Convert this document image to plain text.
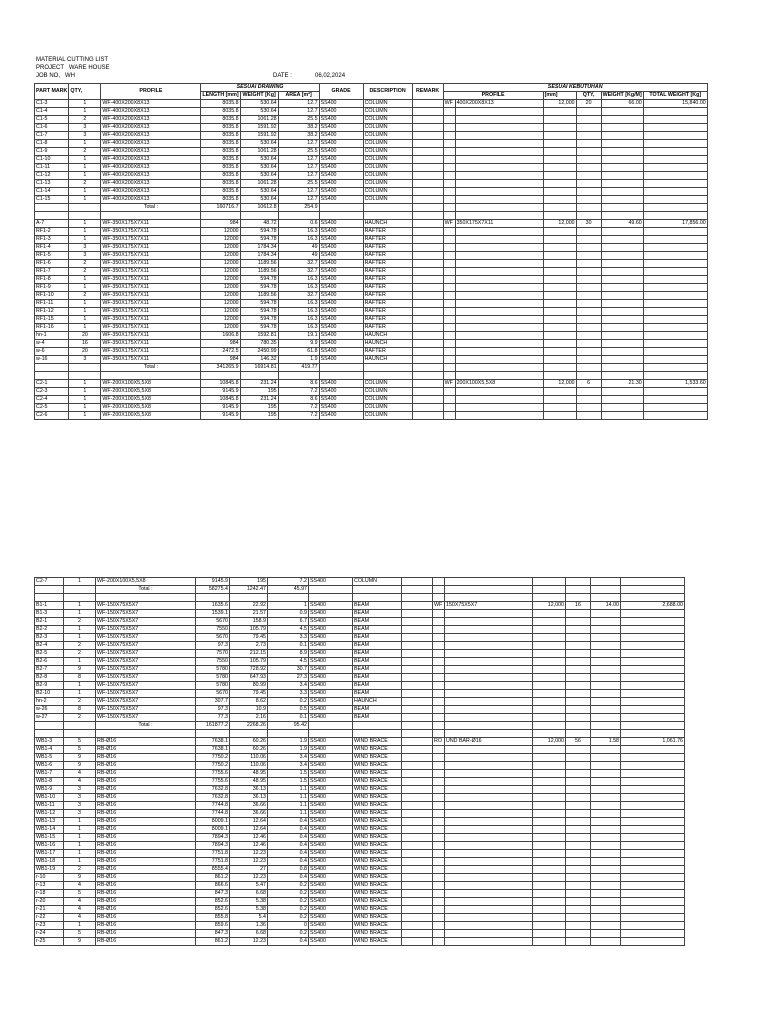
MATERIAL CUTTING LIST
PROJECT   WARE HOUSE
JOB NO,   WH	DATE :	06,02,2024
PART MARK	QTY,	PROFILE	SESUAI DRAWING			GRADE	DESCRIPTION	REMARK	SESUAI KEBUTUHAN					
			LENGTH [mm]	WEIGHT [Kg]	AREA [m²]				PROFILE		[mm]	QTY,	WEIGHT [Kg/M]	TOTAL WEIGHT [Kg]
C1-3	1	WF-400X200X8X13	8035.8	530.64	12.7	SS400	COLUMN		WF	400X200X8X13	12,000	20	66.00	15,840.00
C1-4	1	WF-400X200X8X13	8035.8	530.64	12.7	SS400	COLUMN							
C1-5	2	WF-400X200X8X13	8035.8	1061.28	25.5	SS400	COLUMN							
C1-6	3	WF-400X200X8X13	8035.8	1591.92	38.2	SS400	COLUMN							
C1-7	3	WF-400X200X8X13	8035.8	1591.92	38.2	SS400	COLUMN							
C1-8	1	WF-400X200X8X13	8035.8	530.64	12.7	SS400	COLUMN							
C1-9	2	WF-400X200X8X13	8035.8	1061.28	25.5	SS400	COLUMN							
C1-10	1	WF-400X200X8X13	8035.8	530.64	12.7	SS400	COLUMN							
C1-11	1	WF-400X200X8X13	8035.8	530.64	12.7	SS400	COLUMN							
C1-12	1	WF-400X200X8X13	8035.8	530.64	12.7	SS400	COLUMN							
C1-13	2	WF-400X200X8X13	8035.8	1061.28	25.5	SS400	COLUMN							
C1-14	1	WF-400X200X8X13	8035.8	530.64	12.7	SS400	COLUMN							
C1-15	1	WF-400X200X8X13	8035.8	530.64	12.7	SS400	COLUMN							
		Total :	160716.7	10612.8	254.9									

A-7	1	WF-350X175X7X11	984	48.72	0.6	SS400	HAUNCH		WF	350X175X7X11	12,000	30	49.60	17,856.00
RF1-2	1	WF-350X175X7X11	12000	594.78	16.3	SS400	RAFTER							
RF1-3	1	WF-350X175X7X11	12000	594.78	16.3	SS400	RAFTER							
RF1-4	3	WF-350X175X7X11	12000	1784.34	49	SS400	RAFTER							
RF1-5	3	WF-350X175X7X11	12000	1784.34	49	SS400	RAFTER							
RF1-6	2	WF-350X175X7X11	12000	1189.56	32.7	SS400	RAFTER							
RF1-7	2	WF-350X175X7X11	12000	1189.56	32.7	SS400	RAFTER							
RF1-8	1	WF-350X175X7X11	12000	594.78	16.3	SS400	RAFTER							
RF1-9	1	WF-350X175X7X11	12000	594.78	16.3	SS400	RAFTER							
RF1-10	2	WF-350X175X7X11	12000	1189.56	32.7	SS400	RAFTER							
RF1-11	1	WF-350X175X7X11	12000	594.78	16.3	SS400	RAFTER							
RF1-12	1	WF-350X175X7X11	12000	594.78	16.3	SS400	RAFTER							
RF1-15	1	WF-350X175X7X11	12000	594.78	16.3	SS400	RAFTER							
RF1-16	1	WF-350X175X7X11	12000	594.78	16.3	SS400	RAFTER							
hn-1	20	WF-350X175X7X11	1606.8	1592.81	19.1	SS400	HAUNCH							
w-4	16	WF-350X175X7X11	984	780.35	9.9	SS400	HAUNCH							
w-6	20	WF-350X175X7X11	2472.5	2450.99	61.8	SS400	RAFTER							
w-16	3	WF-350X175X7X11	984	146.32	1.9	SS400	HAUNCH							
		Total :	341265.9	16914.81	419.77									

C2-1	1	WF-200X100X5,5X8	10845.8	231.24	8.6	SS400	COLUMN		WF	200X100X5,5X8	12,000	6	21.30	1,533.60
C2-3	1	WF-200X100X5,5X8	9145.9	195	7.2	SS400	COLUMN							
C2-4	1	WF-200X100X5,5X8	10845.8	231.24	8.6	SS400	COLUMN							
C2-5	1	WF-200X100X5,5X8	9145.9	195	7.2	SS400	COLUMN							
C2-6	1	WF-200X100X5,5X8	9145.9	195	7.2	SS400	COLUMN							
C2-7	1	WF-200X100X5,5X8	9145.9	195	7.2	SS400	COLUMN							
		Total :	58275.4	1242.47	45.97									

B1-1	1	WF-150X75X5X7	1635.6	22.92	1	SS400	BEAM		WF	150X75X5X7	12,000	16	14.00	2,688.00
B1-3	1	WF-150X75X5X7	1539.1	21.57	0.9	SS400	BEAM							
B2-1	2	WF-150X75X5X7	5670	158.9	6.7	SS400	BEAM							
B2-2	1	WF-150X75X5X7	7550	105.79	4.5	SS400	BEAM							
B2-3	1	WF-150X75X5X7	5670	79.45	3.3	SS400	BEAM							
B2-4	2	WF-150X75X5X7	97.3	2.73	0.1	SS400	BEAM							
B2-5	2	WF-150X75X5X7	7570	212.15	8.9	SS400	BEAM							
B2-6	1	WF-150X75X5X7	7550	105.79	4.5	SS400	BEAM							
B2-7	9	WF-150X75X5X7	5780	728.92	30.7	SS400	BEAM							
B2-8	8	WF-150X75X5X7	5780	647.93	27.3	SS400	BEAM							
B2-9	1	WF-150X75X5X7	5780	80.99	3.4	SS400	BEAM							
B2-10	1	WF-150X75X5X7	5670	79.45	3.3	SS400	BEAM							
hn-2	2	WF-150X75X5X7	307.7	8.62	0.2	SS400	HAUNCH							
w-26	8	WF-150X75X5X7	97.3	10.9	0.5	SS400	BEAM							
w-27	2	WF-150X75X5X7	77.3	2.16	0.1	SS400	BEAM							
		Total :	161877.2	2268.26	95.42									

WB1-3	5	RB-Ø16	7638.1	60.26	1.9	SS400	WIND BRACE		RO	UND BAR-Ø16	12,000	56	1.58	1,061.76
WB1-4	5	RB-Ø16	7638.1	60.26	1.9	SS400	WIND BRACE							
WB1-5	9	RB-Ø16	7750.2	110.06	3.4	SS400	WIND BRACE							
WB1-6	9	RB-Ø16	7750.2	110.06	3.4	SS400	WIND BRACE							
WB1-7	4	RB-Ø16	7755.6	48.95	1.5	SS400	WIND BRACE							
WB1-8	4	RB-Ø16	7755.6	48.95	1.5	SS400	WIND BRACE							
WB1-9	3	RB-Ø16	7632.8	36.13	1.1	SS400	WIND BRACE							
WB1-10	3	RB-Ø16	7632.8	36.13	1.1	SS400	WIND BRACE							
WB1-11	3	RB-Ø16	7744.8	36.66	1.1	SS400	WIND BRACE							
WB1-12	3	RB-Ø16	7744.8	36.66	1.1	SS400	WIND BRACE							
WB1-13	1	RB-Ø16	8009.1	12.64	0.4	SS400	WIND BRACE							
WB1-14	1	RB-Ø16	8009.1	12.64	0.4	SS400	WIND BRACE							
WB1-15	1	RB-Ø16	7894.3	12.46	0.4	SS400	WIND BRACE							
WB1-16	1	RB-Ø16	7894.3	12.46	0.4	SS400	WIND BRACE							
WB1-17	1	RB-Ø16	7751.8	12.23	0.4	SS400	WIND BRACE							
WB1-18	1	RB-Ø16	7751.8	12.23	0.4	SS400	WIND BRACE							
WB1-19	2	RB-Ø16	8555.4	27	0.8	SS400	WIND BRACE							
r-10	9	RB-Ø16	861.2	12.23	0.4	SS400	WIND BRACE							
r-13	4	RB-Ø16	866.6	5.47	0.2	SS400	WIND BRACE							
r-18	5	RB-Ø16	847.3	6.68	0.2	SS400	WIND BRACE							
r-20	4	RB-Ø16	852.6	5.38	0.2	SS400	WIND BRACE							
r-21	4	RB-Ø16	852.6	5.38	0.2	SS400	WIND BRACE							
r-22	4	RB-Ø16	855.8	5.4	0.2	SS400	WIND BRACE							
r-23	1	RB-Ø16	859.6	1.36	0	SS400	WIND BRACE							
r-24	5	RB-Ø16	847.3	6.68	0.2	SS400	WIND BRACE							
r-25	9	RB-Ø16	861.2	12.23	0.4	SS400	WIND BRACE							
